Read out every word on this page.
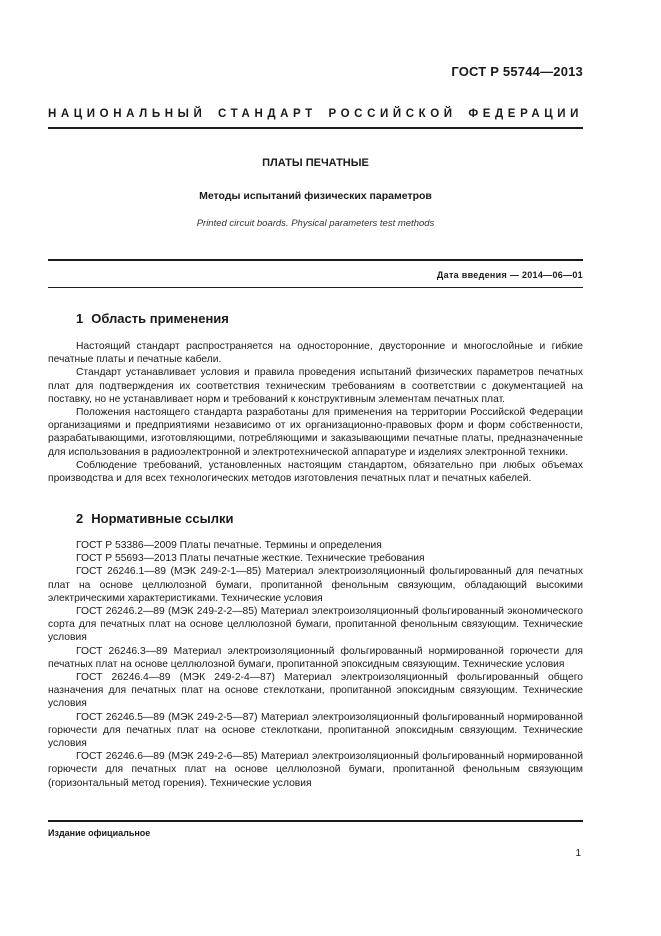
ГОСТ Р 55744—2013
НАЦИОНАЛЬНЫЙ СТАНДАРТ РОССИЙСКОЙ ФЕДЕРАЦИИ
ПЛАТЫ ПЕЧАТНЫЕ
Методы испытаний физических параметров
Printed circuit boards. Physical parameters test methods
Дата введения — 2014—06—01
1 Область применения

Настоящий стандарт распространяется на односторонние, двусторонние и многослойные и гибкие печатные платы и печатные кабели.

Стандарт устанавливает условия и правила проведения испытаний физических параметров печатных плат для подтверждения их соответствия техническим требованиям в соответствии с документацией на поставку, но не устанавливает норм и требований к конструктивным элементам печатных плат.

Положения настоящего стандарта разработаны для применения на территории Российской Федерации организациями и предприятиями независимо от их организационно-правовых форм и форм собственности, разрабатывающими, изготовляющими, потребляющими и заказывающими печатные платы, предназначенные для использования в радиоэлектронной и электротехнической аппаратуре и изделиях электронной техники.

Соблюдение требований, установленных настоящим стандартом, обязательно при любых объемах производства и для всех технологических методов изготовления печатных плат и печатных кабелей.

2 Нормативные ссылки

ГОСТ Р 53386—2009 Платы печатные. Термины и определения

ГОСТ Р 55693—2013 Платы печатные жесткие. Технические требования

ГОСТ 26246.1—89 (МЭК 249-2-1—85) Материал электроизоляционный фольгированный для печатных плат на основе целлюлозной бумаги, пропитанной фенольным связующим, обладающий высокими электрическими характеристиками. Технические условия

ГОСТ 26246.2—89 (МЭК 249-2-2—85) Материал электроизоляционный фольгированный экономического сорта для печатных плат на основе целлюлозной бумаги, пропитанной фенольным связующим. Технические условия

ГОСТ 26246.3—89 Материал электроизоляционный фольгированный нормированной горючести для печатных плат на основе целлюлозной бумаги, пропитанной эпоксидным связующим. Технические условия

ГОСТ 26246.4—89 (МЭК 249-2-4—87) Материал электроизоляционный фольгированный общего назначения для печатных плат на основе стеклоткани, пропитанной эпоксидным связующим. Технические условия

ГОСТ 26246.5—89 (МЭК 249-2-5—87) Материал электроизоляционный фольгированный нормированной горючести для печатных плат на основе стеклоткани, пропитанной эпоксидным связующим. Технические условия

ГОСТ 26246.6—89 (МЭК 249-2-6—85) Материал электроизоляционный фольгированный нормированной горючести для печатных плат на основе целлюлозной бумаги, пропитанной фенольным связующим (горизонтальный метод горения). Технические условия

Издание официальное
1
